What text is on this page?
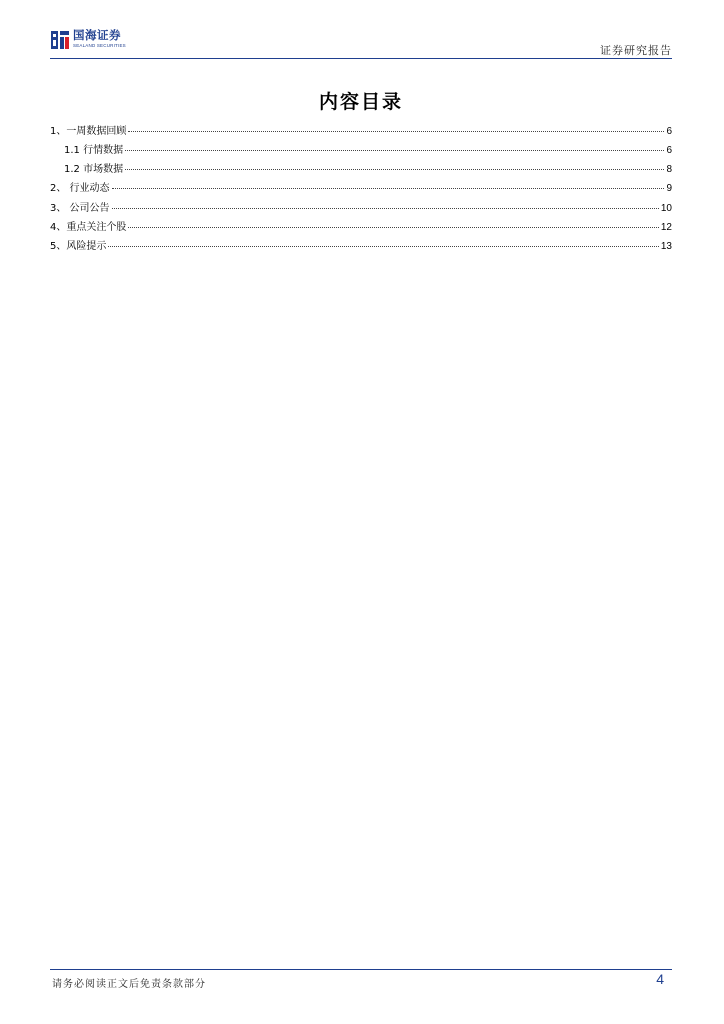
国海证券
SEALAND SECURITIES	证券研究报告
内容目录
1、一周数据回顾	6
1.1 行情数据	6
1.2 市场数据	8
2、 行业动态	9
3、 公司公告	10
4、重点关注个股	12
5、风险提示	13
请务必阅读正文后免责条款部分	4
